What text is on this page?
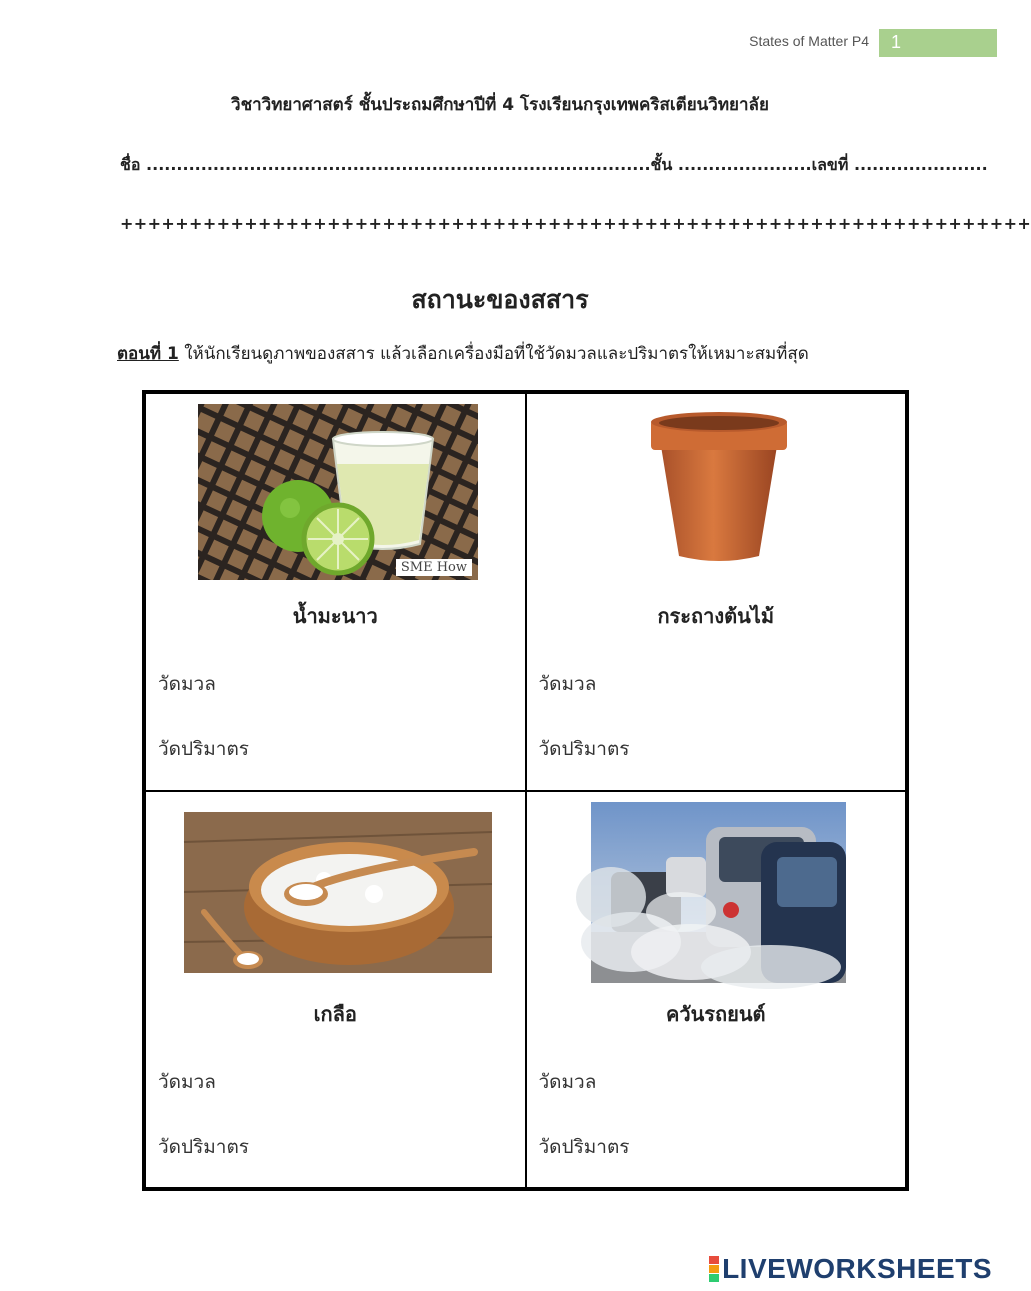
States of Matter P4 1
วิชาวิทยาศาสตร์ ชั้นประถมศึกษาปีที่ 4 โรงเรียนกรุงเทพคริสเตียนวิทยาลัย
ชื่อ ...................................................................................ชั้น ......................เลขที่ ......................
++++++++++++++++++++++++++++++++++++++++++++++++++++++++++++++++++
สถานะของสสาร
ตอนที่ 1 ให้นักเรียนดูภาพของสสาร แล้วเลือกเครื่องมือที่ใช้วัดมวลและปริมาตรให้เหมาะสมที่สุด
SME How
น้ำมะนาว
วัดมวล
วัดปริมาตร
กระถางต้นไม้
วัดมวล
วัดปริมาตร
เกลือ
วัดมวล
วัดปริมาตร
ควันรถยนต์
วัดมวล
วัดปริมาตร
LIVEWORKSHEETS
